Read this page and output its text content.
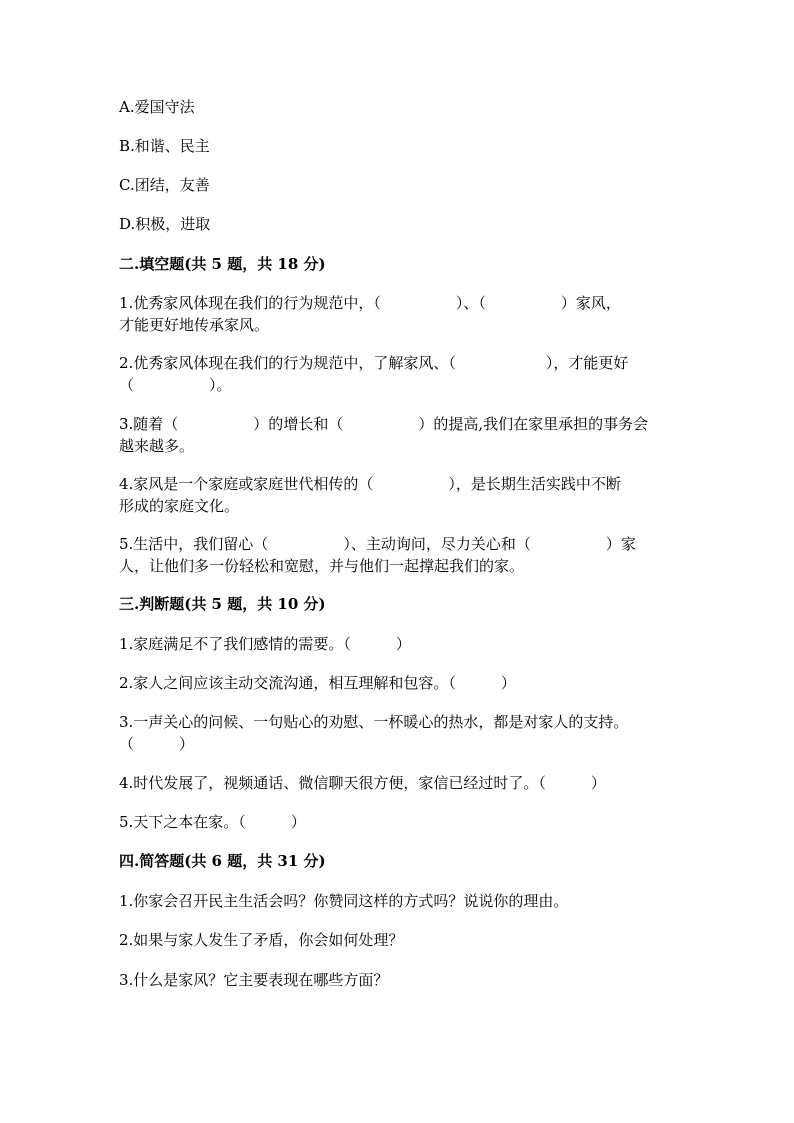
A.爱国守法
B.和谐、民主
C.团结，友善
D.积极，进取
二.填空题(共 5 题，共 18 分)
1.优秀家风体现在我们的行为规范中，（　　　　　）、（　　　　　）家风，
才能更好地传承家风。
2.优秀家风体现在我们的行为规范中，了解家风、（　　　　　　），才能更好
（　　　　　）。
3.随着（　　　　　）的增长和（　　　　　）的提高,我们在家里承担的事务会
越来越多。
4.家风是一个家庭或家庭世代相传的（　　　　　），是长期生活实践中不断
形成的家庭文化。
5.生活中，我们留心（　　　　　）、主动询问，尽力关心和（　　　　　）家
人，让他们多一份轻松和宽慰，并与他们一起撑起我们的家。
三.判断题(共 5 题，共 10 分)
1.家庭满足不了我们感情的需要。（　　　）
2.家人之间应该主动交流沟通，相互理解和包容。（　　　）
3.一声关心的问候、一句贴心的劝慰、一杯暖心的热水，都是对家人的支持。
（　　　）
4.时代发展了，视频通话、微信聊天很方便，家信已经过时了。（　　　）
5.天下之本在家。（　　　）
四.简答题(共 6 题，共 31 分)
1.你家会召开民主生活会吗？你赞同这样的方式吗？说说你的理由。
2.如果与家人发生了矛盾，你会如何处理？
3.什么是家风？它主要表现在哪些方面？
